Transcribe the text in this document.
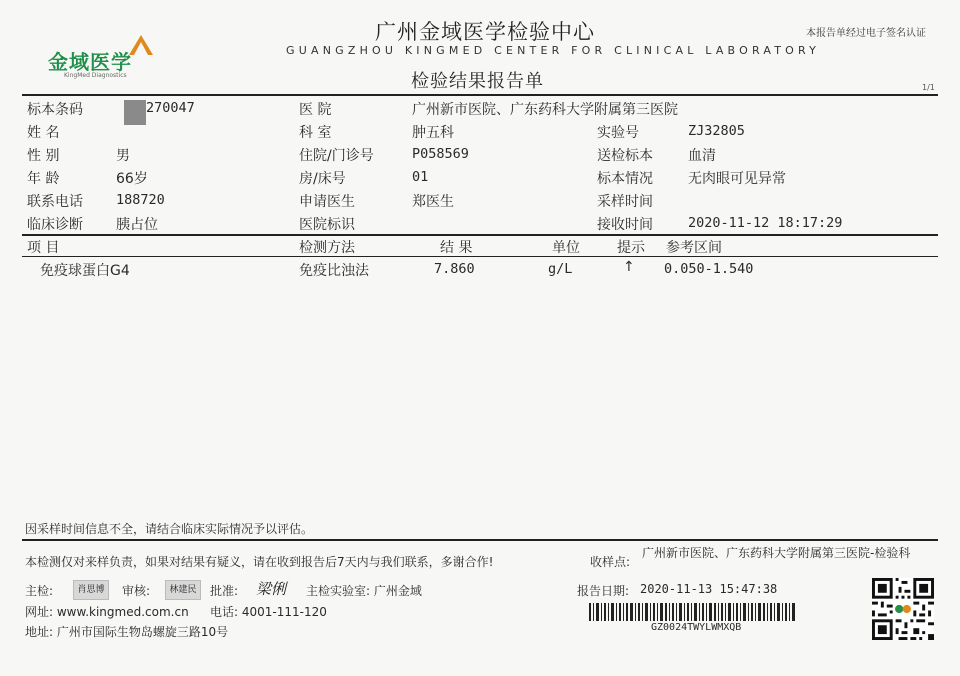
金域医学
KingMed Diagnostics
广州金域医学检验中心
GUANGZHOU KINGMED CENTER FOR CLINICAL LABORATORY
检验结果报告单
本报告单经过电子签名认证
1/1
标本条码	270047
姓 名
性 别	男
年 龄	66岁
联系电话 188720
临床诊断 胰占位
医 院	广州新市医院、广东药科大学附属第三医院
科 室	肿五科
住院/门诊号	P058569
房/床号	01
申请医生	郑医生
医院标识
实验号	ZJ32805
送检标本	血清
标本情况	无肉眼可见异常
采样时间
接收时间	2020-11-12 18:17:29
项 目	检测方法	结 果	单位	提示 参考区间
免疫球蛋白G4	免疫比浊法	7.860	g/L	↑ 0.050-1.540
因采样时间信息不全，请结合临床实际情况予以评估。
本检测仅对来样负责，如果对结果有疑义，请在收到报告后7天内与我们联系，多谢合作!	收样点:
广州新市医院、广东药科大学附属第三医院-检验科
主检:	肖思博	审核:	林建民	批准: 梁俐 主检实验室: 广州金域	报告日期: 2020-11-13 15:47:38
网址: www.kingmed.com.cn 电话: 4001-111-120
GZ0024TWYLWMXQB
地址: 广州市国际生物岛螺旋三路10号
